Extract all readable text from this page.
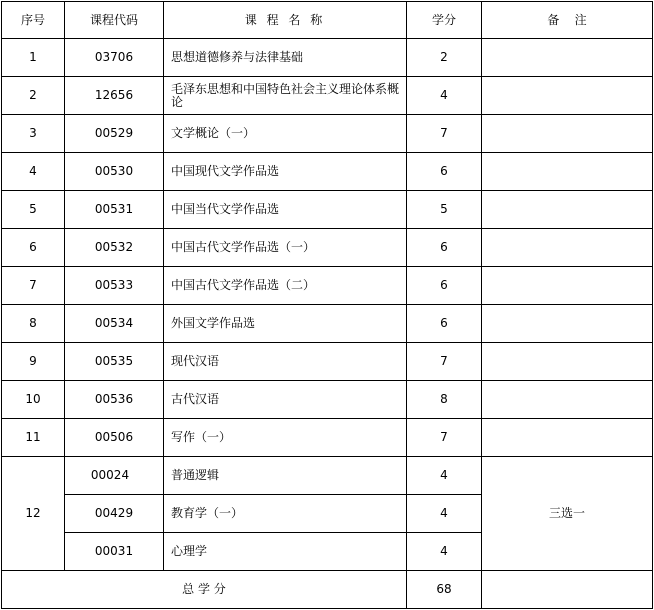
序号	课程代码	课 程 名 称	学分	备    注
1	03706	思想道德修养与法律基础	2	
2	12656	毛泽东思想和中国特色社会主义理论体系概论	4	
3	00529	文学概论（一）	7	
4	00530	中国现代文学作品选	6	
5	00531	中国当代文学作品选	5	
6	00532	中国古代文学作品选（一）	6	
7	00533	中国古代文学作品选（二）	6	
8	00534	外国文学作品选	6	
9	00535	现代汉语	7	
10	00536	古代汉语	8	
11	00506	写作（一）	7	
12	00024	普通逻辑	4	三选一
	00429	教育学（一）	4	
	00031	心理学	4	
总 学 分			68	
